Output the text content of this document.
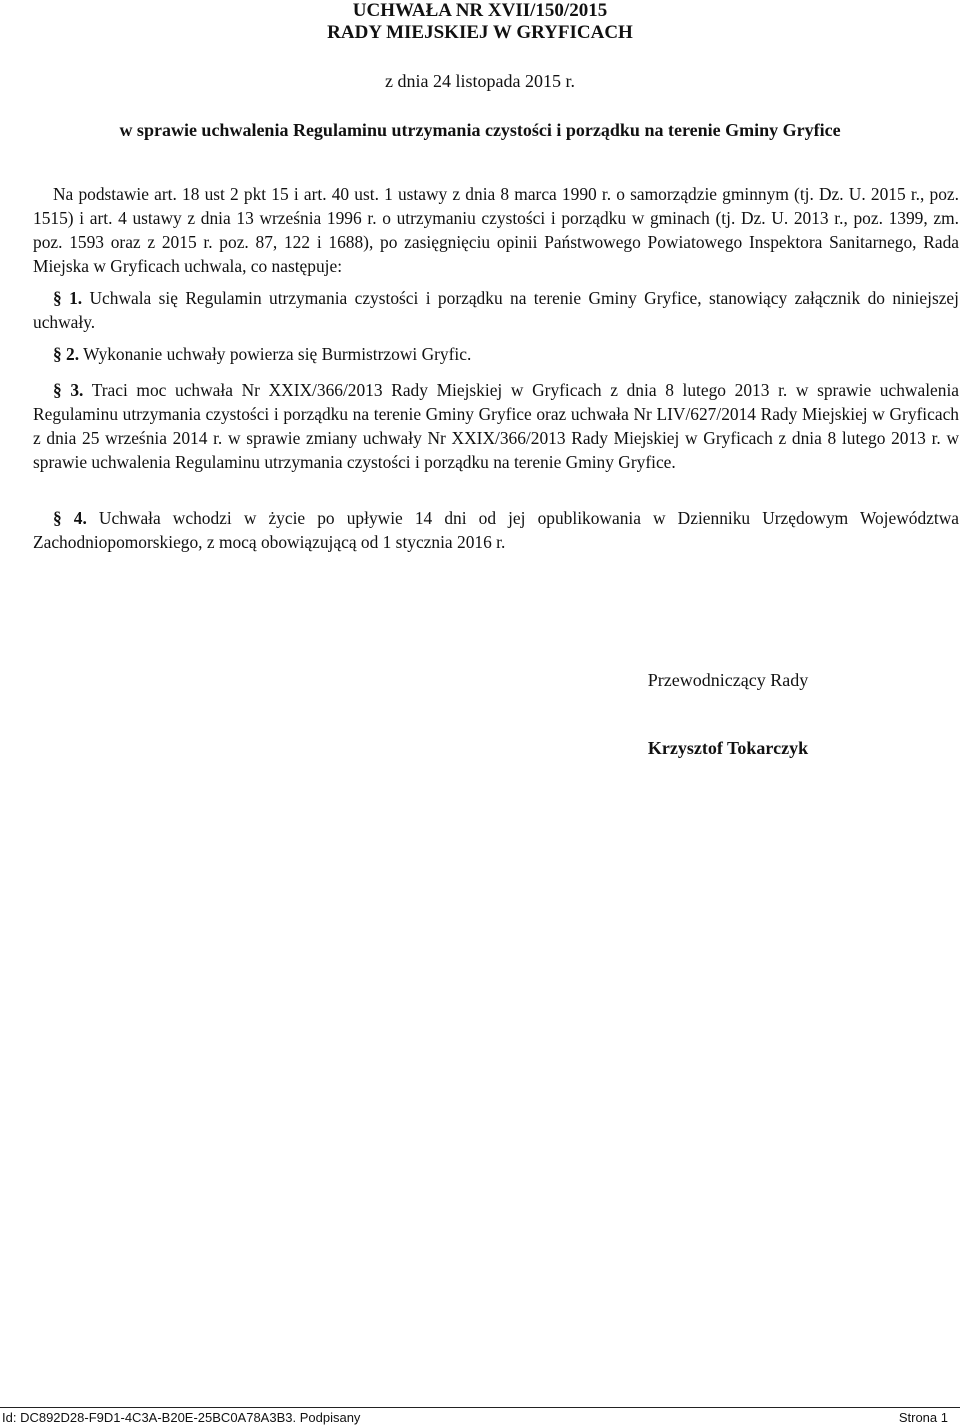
UCHWAŁA NR XVII/150/2015
RADY MIEJSKIEJ W GRYFICACH
z dnia 24 listopada 2015 r.
w sprawie uchwalenia Regulaminu utrzymania czystości i porządku na terenie Gminy Gryfice

Na podstawie art. 18 ust 2 pkt 15 i art. 40 ust. 1 ustawy z dnia 8 marca 1990 r. o samorządzie gminnym (tj. Dz. U. 2015 r., poz. 1515) i art. 4 ustawy z dnia 13 września 1996 r. o utrzymaniu czystości i porządku w gminach (tj. Dz. U. 2013 r., poz. 1399, zm. poz. 1593 oraz z 2015 r. poz. 87, 122 i 1688), po zasięgnięciu opinii Państwowego Powiatowego Inspektora Sanitarnego, Rada Miejska w Gryficach uchwala, co następuje:

§ 1. Uchwala się Regulamin utrzymania czystości i porządku na terenie Gminy Gryfice, stanowiący załącznik do niniejszej uchwały.

§ 2. Wykonanie uchwały powierza się Burmistrzowi Gryfic.

§ 3. Traci moc uchwała Nr XXIX/366/2013 Rady Miejskiej w Gryficach z dnia 8 lutego 2013 r. w sprawie uchwalenia Regulaminu utrzymania czystości i porządku na terenie Gminy Gryfice oraz uchwała Nr LIV/627/2014 Rady Miejskiej w Gryficach z dnia 25 września 2014 r. w sprawie zmiany uchwały Nr XXIX/366/2013 Rady Miejskiej w Gryficach z dnia 8 lutego 2013 r. w sprawie uchwalenia Regulaminu utrzymania czystości i porządku na terenie Gminy Gryfice.

§ 4. Uchwała wchodzi w życie po upływie 14 dni od jej opublikowania w Dzienniku Urzędowym Województwa Zachodniopomorskiego, z mocą obowiązującą od 1 stycznia 2016 r.

Przewodniczący Rady
Krzysztof Tokarczyk
Id: DC892D28-F9D1-4C3A-B20E-25BC0A78A3B3. Podpisany	Strona 1
